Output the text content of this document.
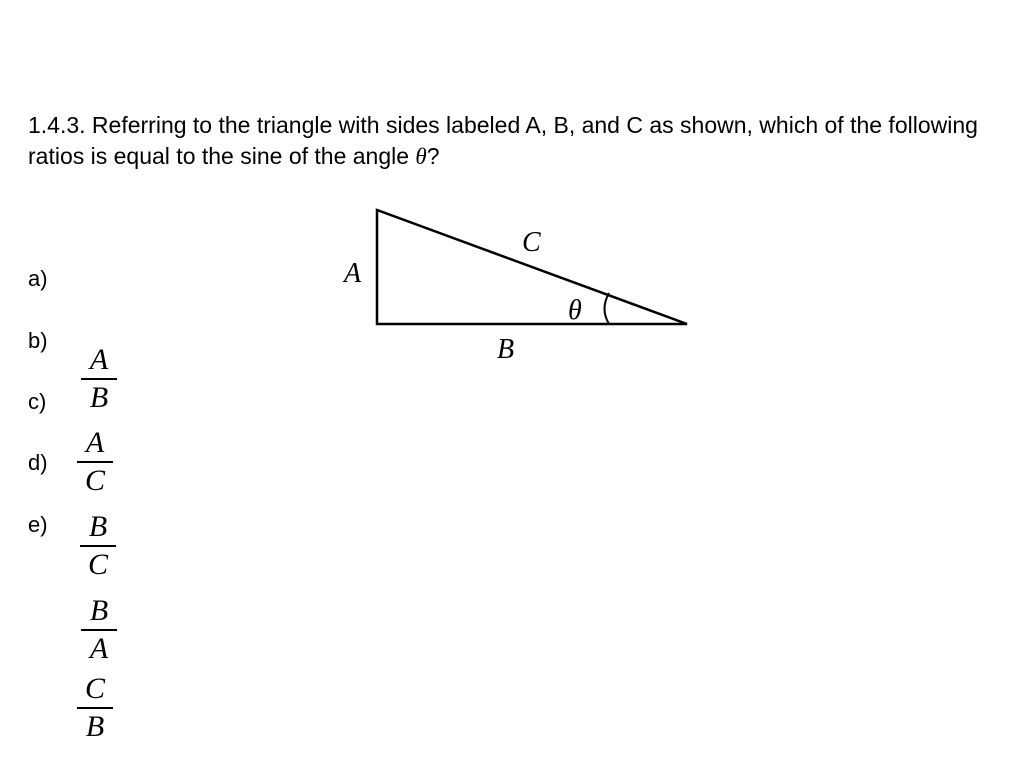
1.4.3. Referring to the triangle with sides labeled A, B, and C as shown, which of the following ratios is equal to the sine of the angle θ?
a)
b)
c)
d)
e)
A
B
A
C
B
C
B
A
C
B
A
C
B
θ
